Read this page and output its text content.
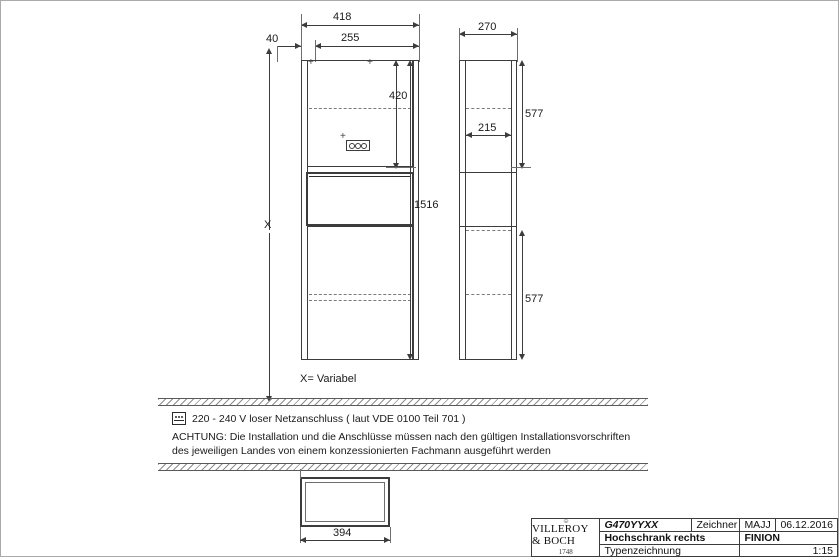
418
255
40
+	+
+
420
1516
X
X= Variabel
270
215
577
577
220 - 240 V loser Netzanschluss ( laut VDE 0100 Teil 701 )
ACHTUNG: Die Installation und die Anschlüsse müssen nach den gültigen Installationsvorschriften
des jeweiligen Landes von einem konzessionierten Fachmann ausgeführt werden
394	VILLEROY & BOCH
1748
G470YYXX	Zeichner MAJJ 06.12.2016
Hochschrank rechts	FINION
Typenzeichnung	1:15
